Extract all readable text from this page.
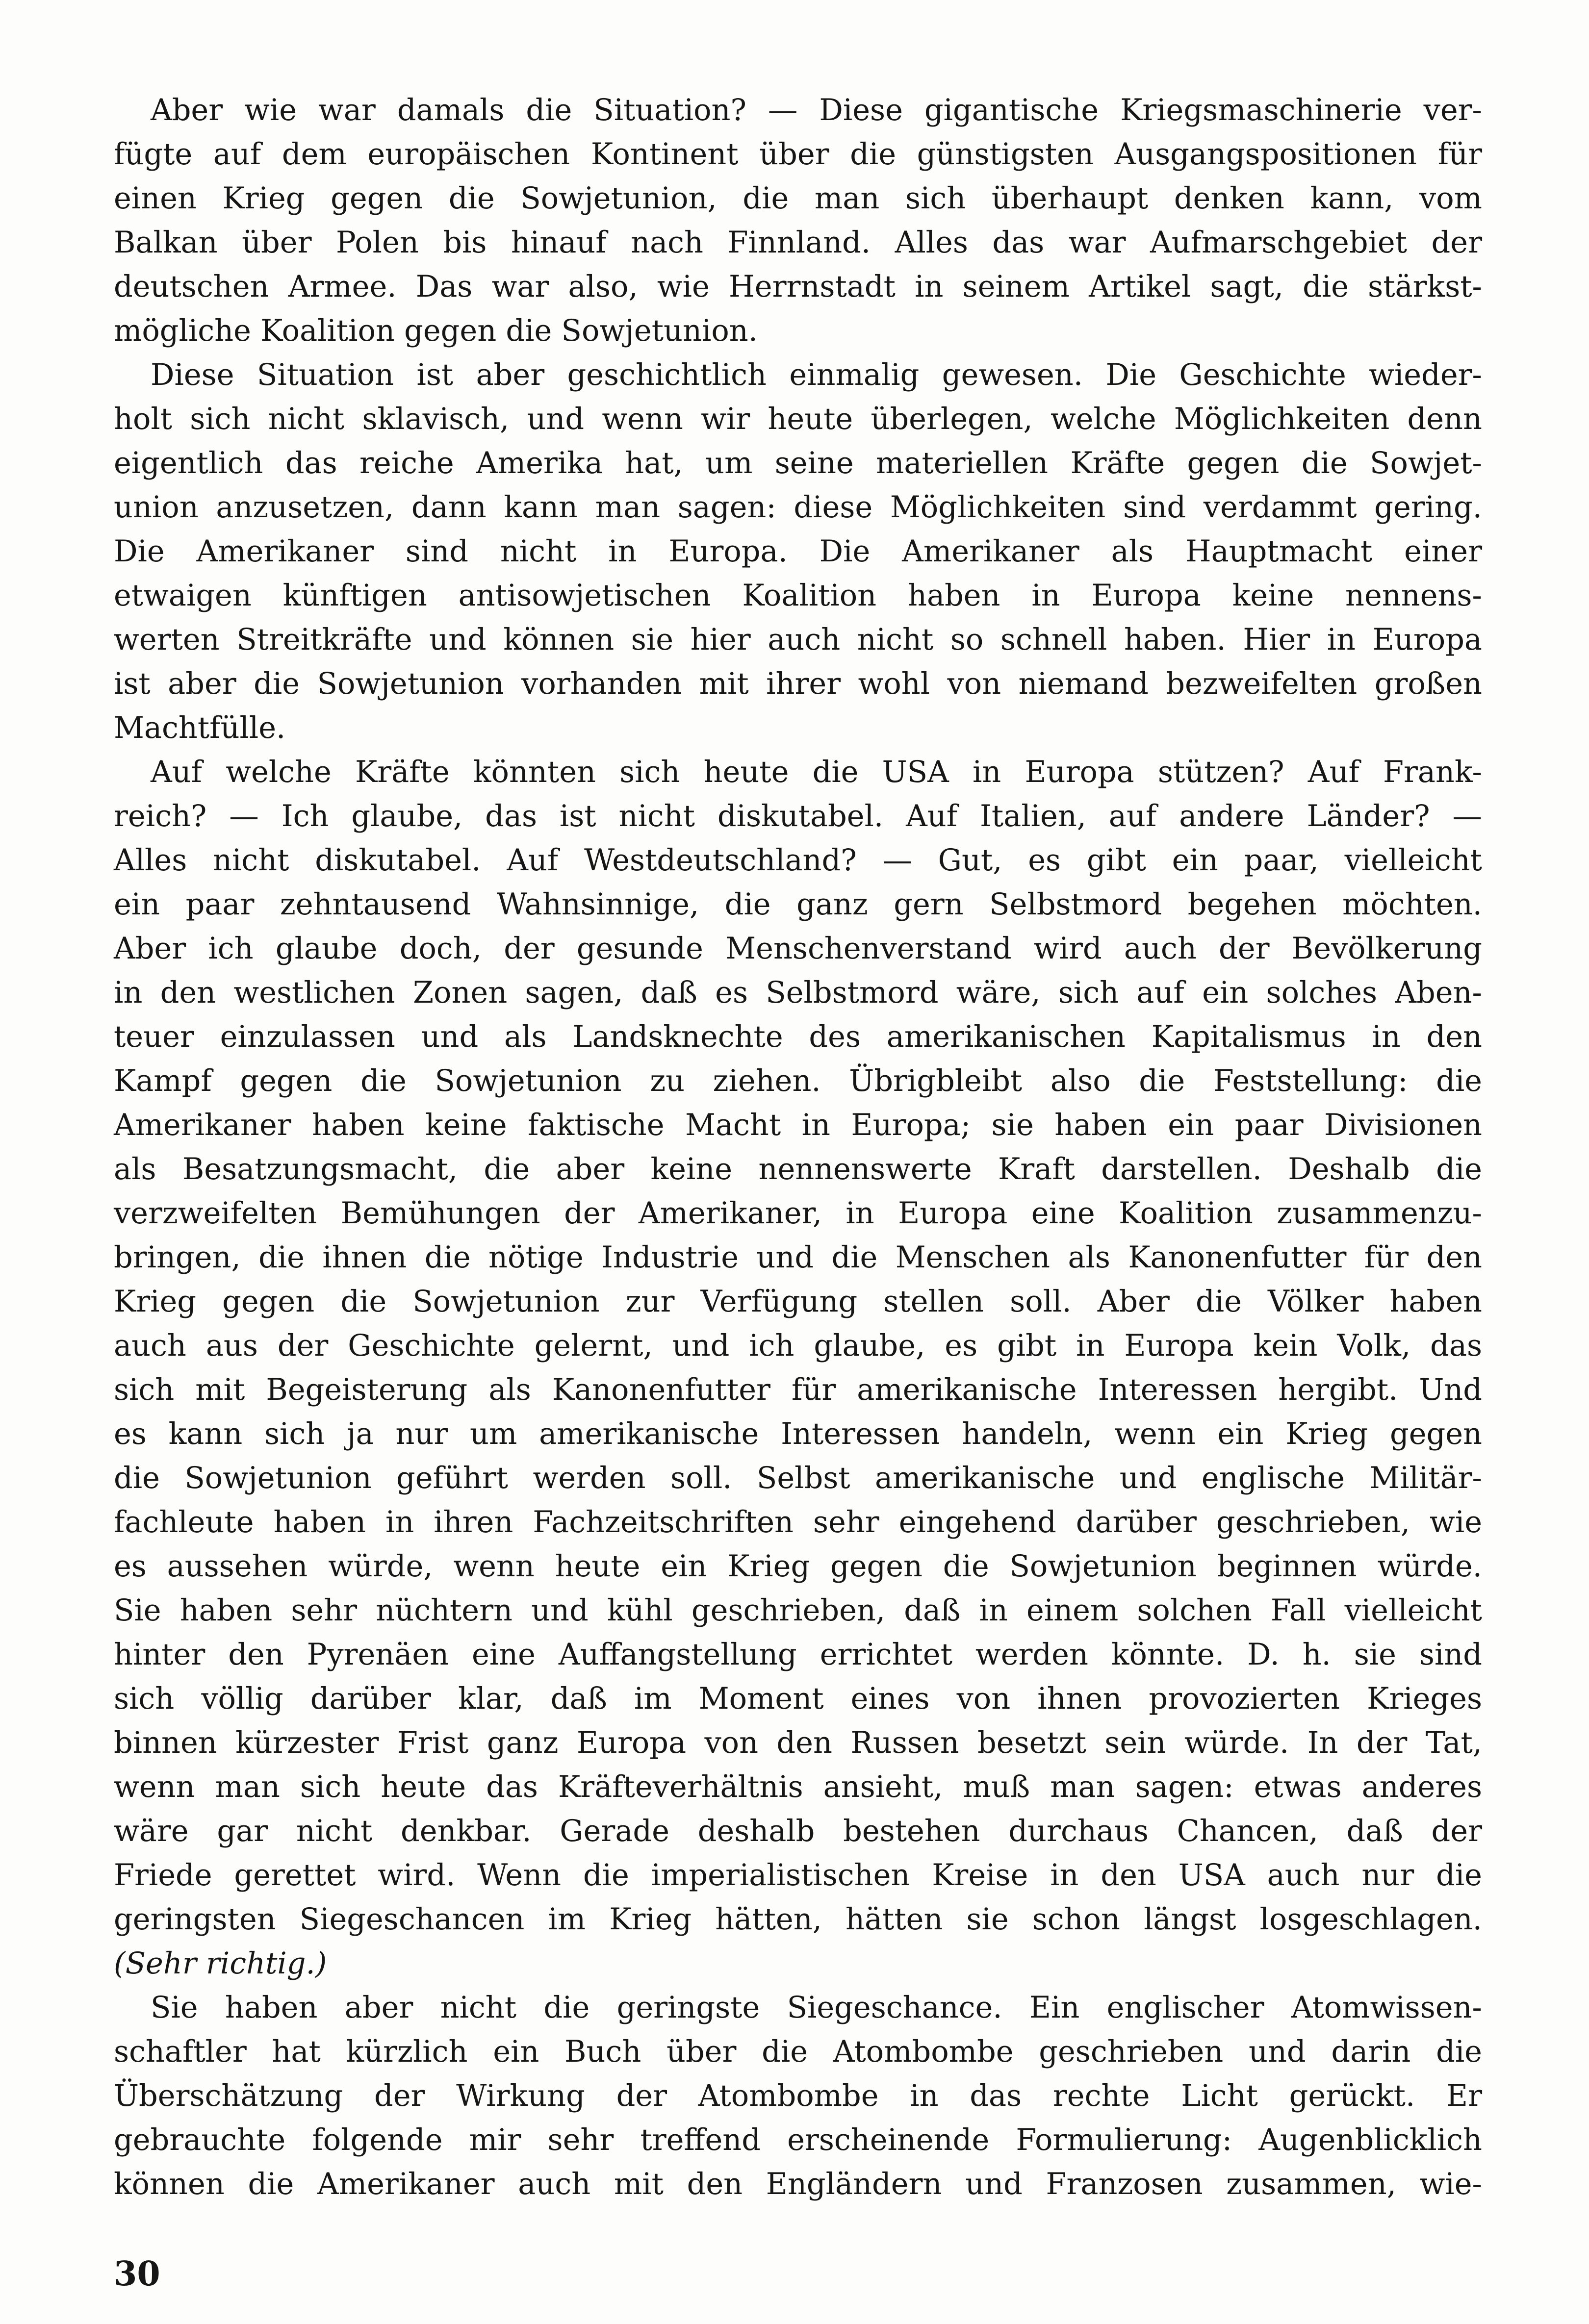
Aber wie war damals die Situation? — Diese gigantische Kriegsmaschinerie ver-
fügte auf dem europäischen Kontinent über die günstigsten Ausgangspositionen für
einen Krieg gegen die Sowjetunion, die man sich überhaupt denken kann, vom
Balkan über Polen bis hinauf nach Finnland. Alles das war Aufmarschgebiet der
deutschen Armee. Das war also, wie Herrnstadt in seinem Artikel sagt, die stärkst-
mögliche Koalition gegen die Sowjetunion.
Diese Situation ist aber geschichtlich einmalig gewesen. Die Geschichte wieder-
holt sich nicht sklavisch, und wenn wir heute überlegen, welche Möglichkeiten denn
eigentlich das reiche Amerika hat, um seine materiellen Kräfte gegen die Sowjet-
union anzusetzen, dann kann man sagen: diese Möglichkeiten sind verdammt gering.
Die Amerikaner sind nicht in Europa. Die Amerikaner als Hauptmacht einer
etwaigen künftigen antisowjetischen Koalition haben in Europa keine nennens-
werten Streitkräfte und können sie hier auch nicht so schnell haben. Hier in Europa
ist aber die Sowjetunion vorhanden mit ihrer wohl von niemand bezweifelten großen
Machtfülle.
Auf welche Kräfte könnten sich heute die USA in Europa stützen? Auf Frank-
reich? — Ich glaube, das ist nicht diskutabel. Auf Italien, auf andere Länder? —
Alles nicht diskutabel. Auf Westdeutschland? — Gut, es gibt ein paar, vielleicht
ein paar zehntausend Wahnsinnige, die ganz gern Selbstmord begehen möchten.
Aber ich glaube doch, der gesunde Menschenverstand wird auch der Bevölkerung
in den westlichen Zonen sagen, daß es Selbstmord wäre, sich auf ein solches Aben-
teuer einzulassen und als Landsknechte des amerikanischen Kapitalismus in den
Kampf gegen die Sowjetunion zu ziehen. Übrigbleibt also die Feststellung: die
Amerikaner haben keine faktische Macht in Europa; sie haben ein paar Divisionen
als Besatzungsmacht, die aber keine nennenswerte Kraft darstellen. Deshalb die
verzweifelten Bemühungen der Amerikaner, in Europa eine Koalition zusammenzu-
bringen, die ihnen die nötige Industrie und die Menschen als Kanonenfutter für den
Krieg gegen die Sowjetunion zur Verfügung stellen soll. Aber die Völker haben
auch aus der Geschichte gelernt, und ich glaube, es gibt in Europa kein Volk, das
sich mit Begeisterung als Kanonenfutter für amerikanische Interessen hergibt. Und
es kann sich ja nur um amerikanische Interessen handeln, wenn ein Krieg gegen
die Sowjetunion geführt werden soll. Selbst amerikanische und englische Militär-
fachleute haben in ihren Fachzeitschriften sehr eingehend darüber geschrieben, wie
es aussehen würde, wenn heute ein Krieg gegen die Sowjetunion beginnen würde.
Sie haben sehr nüchtern und kühl geschrieben, daß in einem solchen Fall vielleicht
hinter den Pyrenäen eine Auffangstellung errichtet werden könnte. D. h. sie sind
sich völlig darüber klar, daß im Moment eines von ihnen provozierten Krieges
binnen kürzester Frist ganz Europa von den Russen besetzt sein würde. In der Tat,
wenn man sich heute das Kräfteverhältnis ansieht, muß man sagen: etwas anderes
wäre gar nicht denkbar. Gerade deshalb bestehen durchaus Chancen, daß der
Friede gerettet wird. Wenn die imperialistischen Kreise in den USA auch nur die
geringsten Siegeschancen im Krieg hätten, hätten sie schon längst losgeschlagen.
(Sehr richtig.)
Sie haben aber nicht die geringste Siegeschance. Ein englischer Atomwissen-
schaftler hat kürzlich ein Buch über die Atombombe geschrieben und darin die
Überschätzung der Wirkung der Atombombe in das rechte Licht gerückt. Er
gebrauchte folgende mir sehr treffend erscheinende Formulierung: Augenblicklich
können die Amerikaner auch mit den Engländern und Franzosen zusammen, wie-
30
